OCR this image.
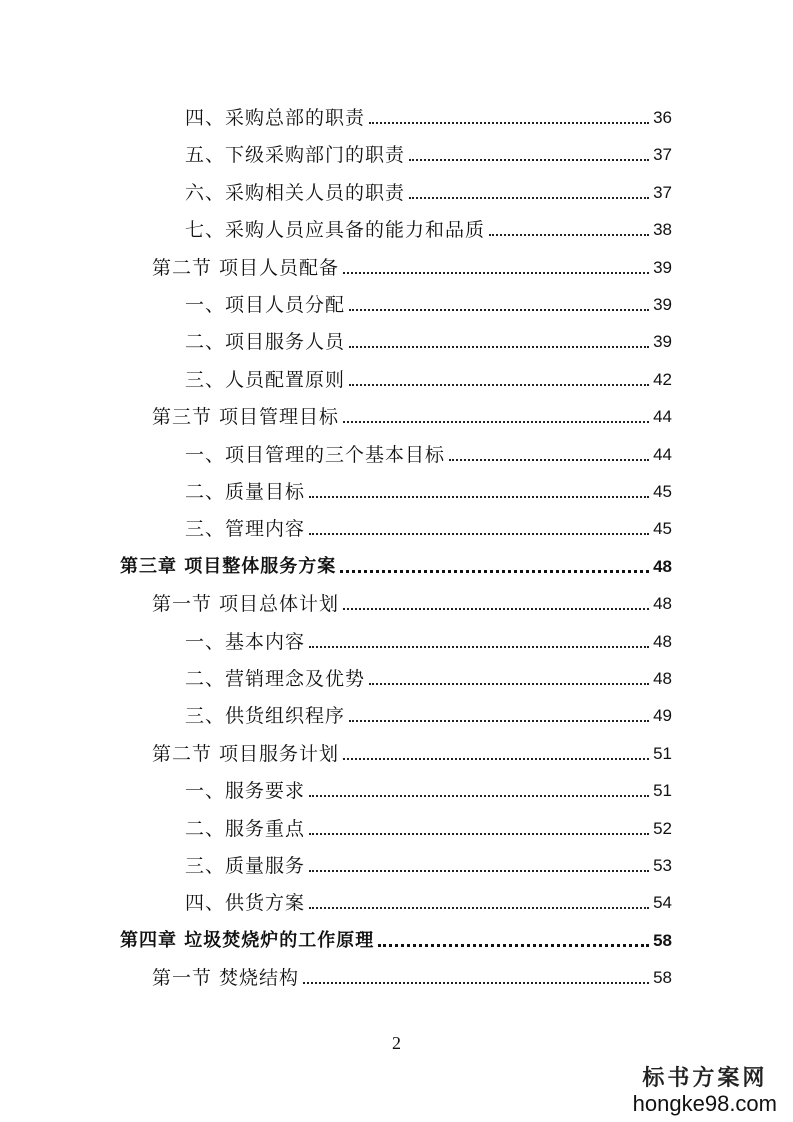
四、采购总部的职责	36
五、下级采购部门的职责	37
六、采购相关人员的职责	37
七、采购人员应具备的能力和品质	38
第二节 项目人员配备	39
一、项目人员分配	39
二、项目服务人员	39
三、人员配置原则	42
第三节 项目管理目标	44
一、项目管理的三个基本目标	44
二、质量目标	45
三、管理内容	45
第三章 项目整体服务方案	48
第一节 项目总体计划	48
一、基本内容	48
二、营销理念及优势	48
三、供货组织程序	49
第二节 项目服务计划	51
一、服务要求	51
二、服务重点	52
三、质量服务	53
四、供货方案	54
第四章 垃圾焚烧炉的工作原理	58
第一节 焚烧结构	58
2
标书方案网
hongke98.com
